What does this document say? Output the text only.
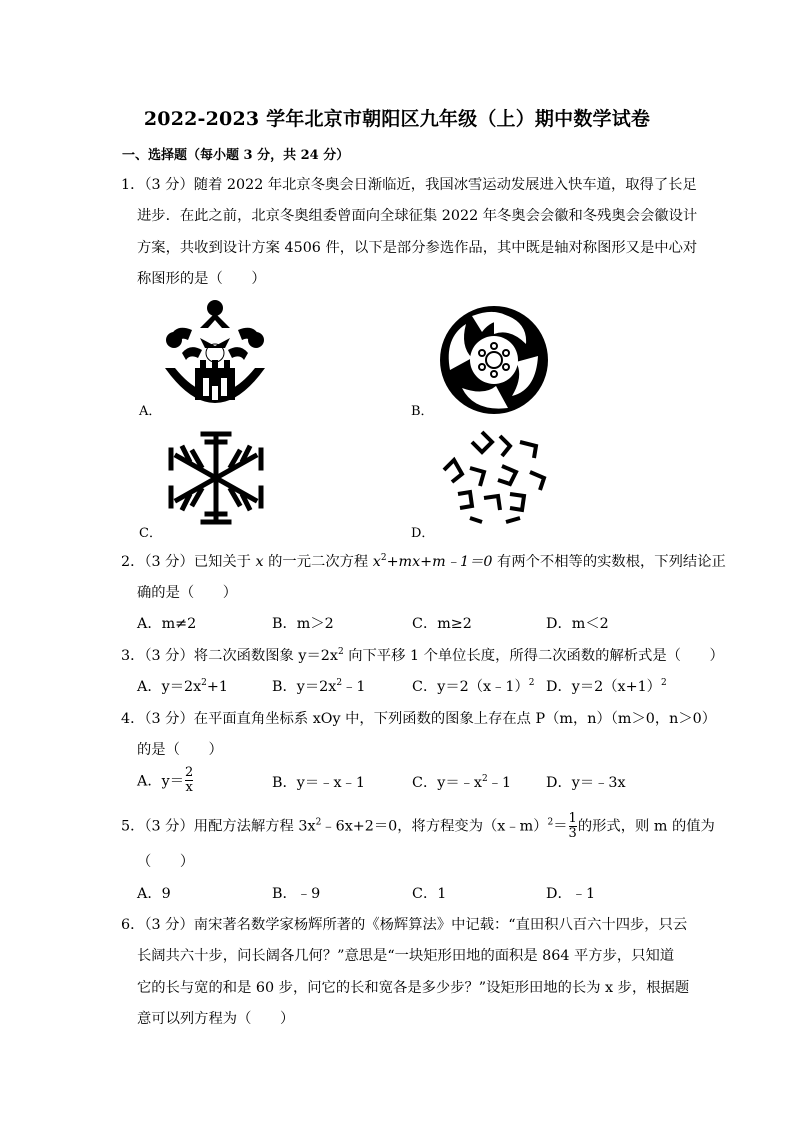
2022-2023 学年北京市朝阳区九年级（上）期中数学试卷
一、选择题（每小题 3 分，共 24 分）
1．（3 分）随着 2022 年北京冬奥会日渐临近，我国冰雪运动发展进入快车道，取得了长足
进步．在此之前，北京冬奥组委曾面向全球征集 2022 年冬奥会会徽和冬残奥会会徽设计
方案，共收到设计方案 4506 件，以下是部分参选作品，其中既是轴对称图形又是中心对
称图形的是（　　）
A．	B．
C．	D．
2．（3 分）已知关于 x 的一元二次方程 $x^2+mx+m﹣1=0$ 有两个不相等的实数根，下列结论正
确的是（　　）
A．m≠2	B．m＞2	C．m≥2	D．m＜2
3．（3 分）将二次函数图象 $y=2x^2$ 向下平移 1 个单位长度，所得二次函数的解析式是（　　）
A．$y=2x^2+1$	B．$y=2x^2﹣1$	C．y＝2（x﹣1）$^2$ D．$y=2(x+1)^2$
4．（3 分）在平面直角坐标系 xOy 中，下列函数的图象上存在点 P（m，n）（m＞0，n＞0）
的是（　　）
A．$y= \frac{2}{x}$	B．y＝﹣x﹣1	C．$y=﹣x^2﹣1$ D．y＝﹣3x
5．（3 分）用配方法解方程 $3x^2﹣6x+2=0$，将方程变为（x﹣m）$^2$＝ $\frac{1}{3}$ 的形式，则 m 的值为
（　　）
A．9	B．﹣9	C．1	D．﹣1
6．（3 分）南宋著名数学家杨辉所著的《杨辉算法》中记载：“直田积八百六十四步，只云
长阔共六十步，问长阔各几何？”意思是“一块矩形田地的面积是 864 平方步，只知道
它的长与宽的和是 60 步，问它的长和宽各是多少步？”设矩形田地的长为 x 步，根据题
意可以列方程为（　　）
